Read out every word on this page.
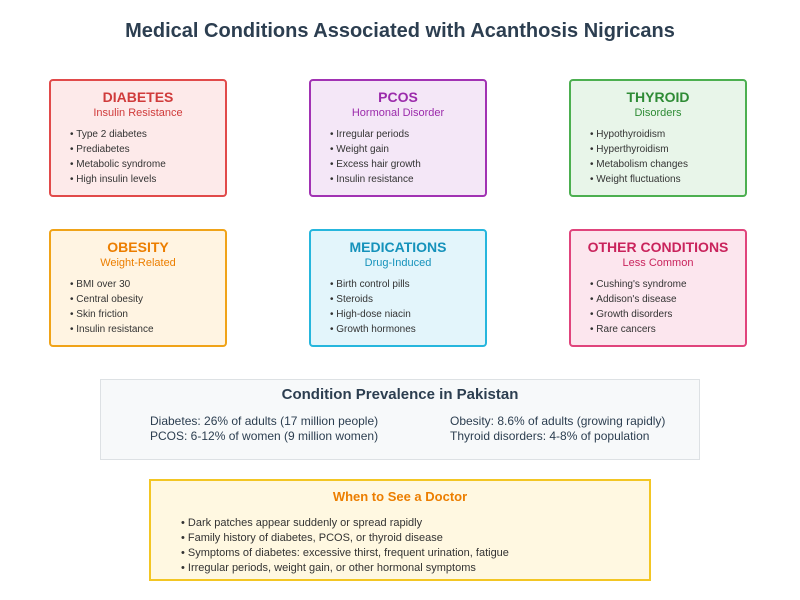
Medical Conditions Associated with Acanthosis Nigricans
DIABETES
Insulin Resistance
• Type 2 diabetes
• Prediabetes
• Metabolic syndrome
• High insulin levels
PCOS
Hormonal Disorder
• Irregular periods
• Weight gain
• Excess hair growth
• Insulin resistance
THYROID
Disorders
• Hypothyroidism
• Hyperthyroidism
• Metabolism changes
• Weight fluctuations
OBESITY
Weight-Related
• BMI over 30
• Central obesity
• Skin friction
• Insulin resistance
MEDICATIONS
Drug-Induced
• Birth control pills
• Steroids
• High-dose niacin
• Growth hormones
OTHER CONDITIONS
Less Common
• Cushing's syndrome
• Addison's disease
• Growth disorders
• Rare cancers
Condition Prevalence in Pakistan
Diabetes: 26% of adults (17 million people)
PCOS: 6-12% of women (9 million women)
Obesity: 8.6% of adults (growing rapidly)
Thyroid disorders: 4-8% of population
When to See a Doctor
• Dark patches appear suddenly or spread rapidly
• Family history of diabetes, PCOS, or thyroid disease
• Symptoms of diabetes: excessive thirst, frequent urination, fatigue
• Irregular periods, weight gain, or other hormonal symptoms
